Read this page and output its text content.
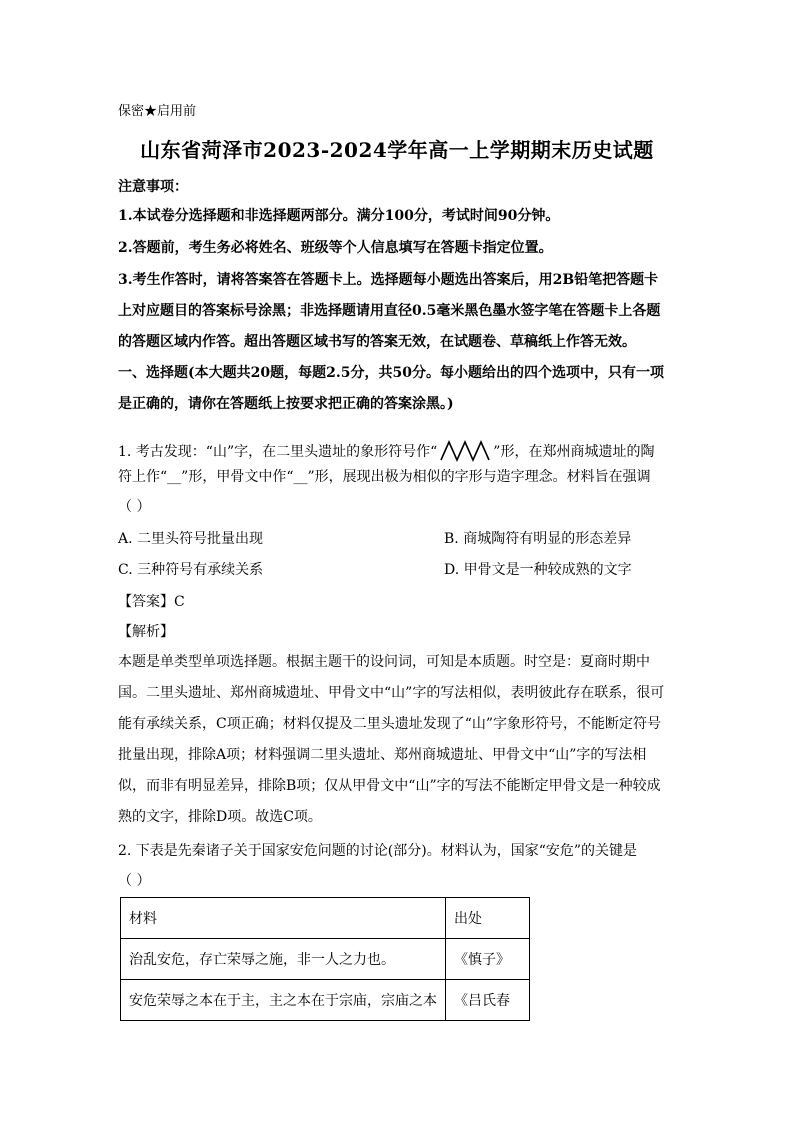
保密★启用前
山东省菏泽市2023-2024学年高一上学期期末历史试题
注意事项：
1.本试卷分选择题和非选择题两部分。满分100分，考试时间90分钟。
2.答题前，考生务必将姓名、班级等个人信息填写在答题卡指定位置。
3.考生作答时，请将答案答在答题卡上。选择题每小题选出答案后，用2B铅笔把答题卡
上对应题目的答案标号涂黑；非选择题请用直径0.5毫米黑色墨水签字笔在答题卡上各题
的答题区域内作答。超出答题区域书写的答案无效，在试题卷、草稿纸上作答无效。
一、选择题(本大题共20题，每题2.5分，共50分。每小题给出的四个选项中，只有一项
是正确的，请你在答题纸上按要求把正确的答案涂黑。)
1. 考古发现：“山”字，在二里头遗址的象形符号作“	”形，在郑州商城遗址的陶
符上作“__”形，甲骨文中作“__”形，展现出极为相似的字形与造字理念。材料旨在强调
（ ）
A. 二里头符号批量出现	B. 商城陶符有明显的形态差异
C. 三种符号有承续关系	D. 甲骨文是一种较成熟的文字
【答案】C
【解析】
本题是单类型单项选择题。根据主题干的设问词，可知是本质题。时空是：夏商时期中
国。二里头遗址、郑州商城遗址、甲骨文中“山”字的写法相似，表明彼此存在联系，很可
能有承续关系，C项正确；材料仅提及二里头遗址发现了“山”字象形符号，不能断定符号
批量出现，排除A项；材料强调二里头遗址、郑州商城遗址、甲骨文中“山”字的写法相
似，而非有明显差异，排除B项；仅从甲骨文中“山”字的写法不能断定甲骨文是一种较成
熟的文字，排除D项。故选C项。
2. 下表是先秦诸子关于国家安危问题的讨论(部分)。材料认为，国家“安危”的关键是
（ ）
材料	出处
治乱安危，存亡荣辱之施，非一人之力也。	《慎子》
安危荣辱之本在于主，主之本在于宗庙，宗庙之本	《吕氏春
